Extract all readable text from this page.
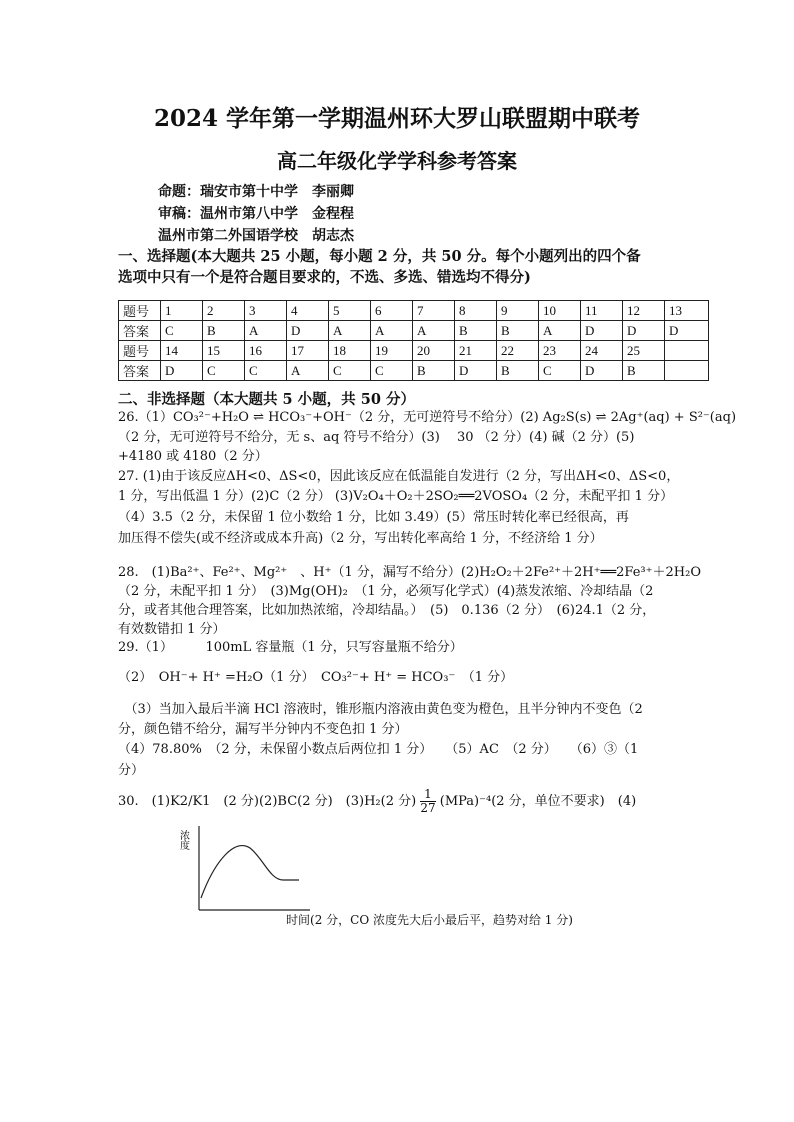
2024 学年第一学期温州环大罗山联盟期中联考
高二年级化学学科参考答案
命题：瑞安市第十中学　李丽卿
审稿：温州市第八中学　金程程
温州市第二外国语学校　胡志杰
一、选择题(本大题共 25 小题，每小题 2 分，共 50 分。每个小题列出的四个备
选项中只有一个是符合题目要求的，不选、多选、错选均不得分)
题号	1	2	3	4	5	6	7	8	9	10	11	12	13
答案	C	B	A	D	A	A	A	B	B	A	D	D	D
题号	14	15	16	17	18	19	20	21	22	23	24	25	
答案	D	C	C	A	C	C	B	D	B	C	D	B	
二、非选择题（本大题共 5 小题，共 50 分）
26.（1）CO₃²⁻+H₂O ⇌ HCO₃⁻+OH⁻（2 分，无可逆符号不给分）(2) Ag₂S(s) ⇌ 2Ag⁺(aq) + S²⁻(aq)
（2 分，无可逆符号不给分，无 s、aq 符号不给分）(3)　 30 （2 分）(4) 碱（2 分）(5)
+4180 或 4180（2 分）
27. (1)由于该反应ΔH<0、ΔS<0，因此该反应在低温能自发进行（2 分，写出ΔH<0、ΔS<0，
1 分，写出低温 1 分）(2)C（2 分） (3)V₂O₄＋O₂＋2SO₂══2VOSO₄（2 分，未配平扣 1 分）
（4）3.5（2 分，未保留 1 位小数给 1 分，比如 3.49）(5）常压时转化率已经很高，再
加压得不偿失(或不经济或成本升高)（2 分，写出转化率高给 1 分，不经济给 1 分）
28.　(1)Ba²⁺、Fe²⁺、Mg²⁺　、H⁺（1 分，漏写不给分）(2)H₂O₂＋2Fe²⁺＋2H⁺══2Fe³⁺＋2H₂O
（2 分，未配平扣 1 分）　(3)Mg(OH)₂　（1 分，必须写化学式）(4)蒸发浓缩、冷却结晶（2
分，或者其他合理答案，比如加热浓缩，冷却结晶。）　(5)　0.136（2 分）　(6)24.1（2 分，
有效数错扣 1 分）
29.（1）　　　100mL 容量瓶（1 分，只写容量瓶不给分）
（2）　OH⁻+ H⁺ =H₂O（1 分）　CO₃²⁻+ H⁺ = HCO₃⁻　（1 分）
　（3）当加入最后半滴 HCl 溶液时，锥形瓶内溶液由黄色变为橙色，且半分钟内不变色（2
分，颜色错不给分，漏写半分钟内不变色扣 1 分）
（4）78.80%　（2 分，未保留小数点后两位扣 1 分）　　（5）AC　（2 分）　　（6）③（1
分）
30.　(1)K2/K1　(2 分)(2)BC(2 分)　(3)H₂(2 分) $\frac{1}{27} (MPa)^{-4}(2$ 分，单位不要求)　(4)
浓度
时间(2 分，CO 浓度先大后小最后平，趋势对给 1 分)
